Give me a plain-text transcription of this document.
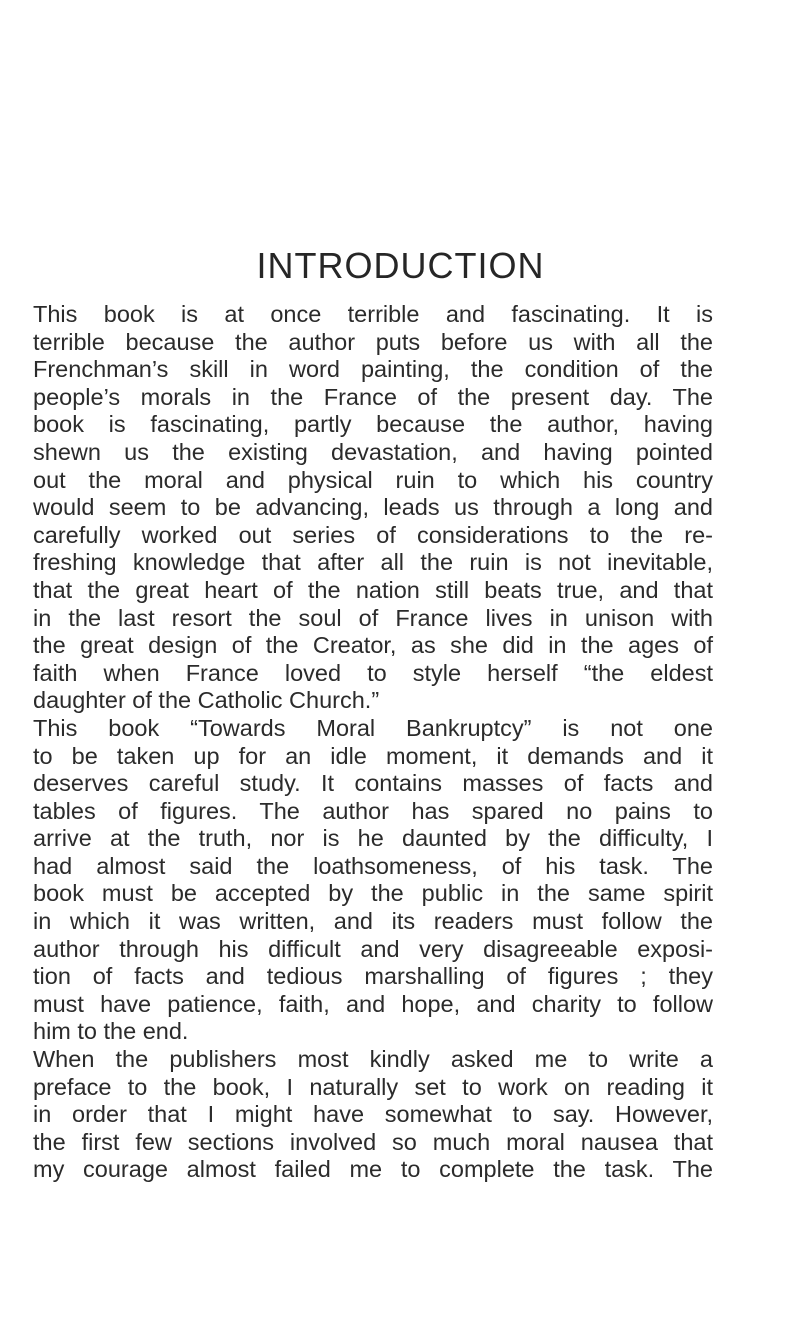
INTRODUCTION
This book is at once terrible and fascinating. It is
terrible because the author puts before us with all the
Frenchman’s skill in word painting, the condition of the
people’s morals in the France of the present day. The
book is fascinating, partly because the author, having
shewn us the existing devastation, and having pointed
out the moral and physical ruin to which his country
would seem to be advancing, leads us through a long and
carefully worked out series of considerations to the re-
freshing knowledge that after all the ruin is not inevitable,
that the great heart of the nation still beats true, and that
in the last resort the soul of France lives in unison with
the great design of the Creator, as she did in the ages of
faith when France loved to style herself “the eldest
daughter of the Catholic Church.”
This book “Towards Moral Bankruptcy” is not one
to be taken up for an idle moment, it demands and it
deserves careful study. It contains masses of facts and
tables of figures. The author has spared no pains to
arrive at the truth, nor is he daunted by the difficulty, I
had almost said the loathsomeness, of his task. The
book must be accepted by the public in the same spirit
in which it was written, and its readers must follow the
author through his difficult and very disagreeable exposi-
tion of facts and tedious marshalling of figures ; they
must have patience, faith, and hope, and charity to follow
him to the end.
When the publishers most kindly asked me to write a
preface to the book, I naturally set to work on reading it
in order that I might have somewhat to say. However,
the first few sections involved so much moral nausea that
my courage almost failed me to complete the task. The
